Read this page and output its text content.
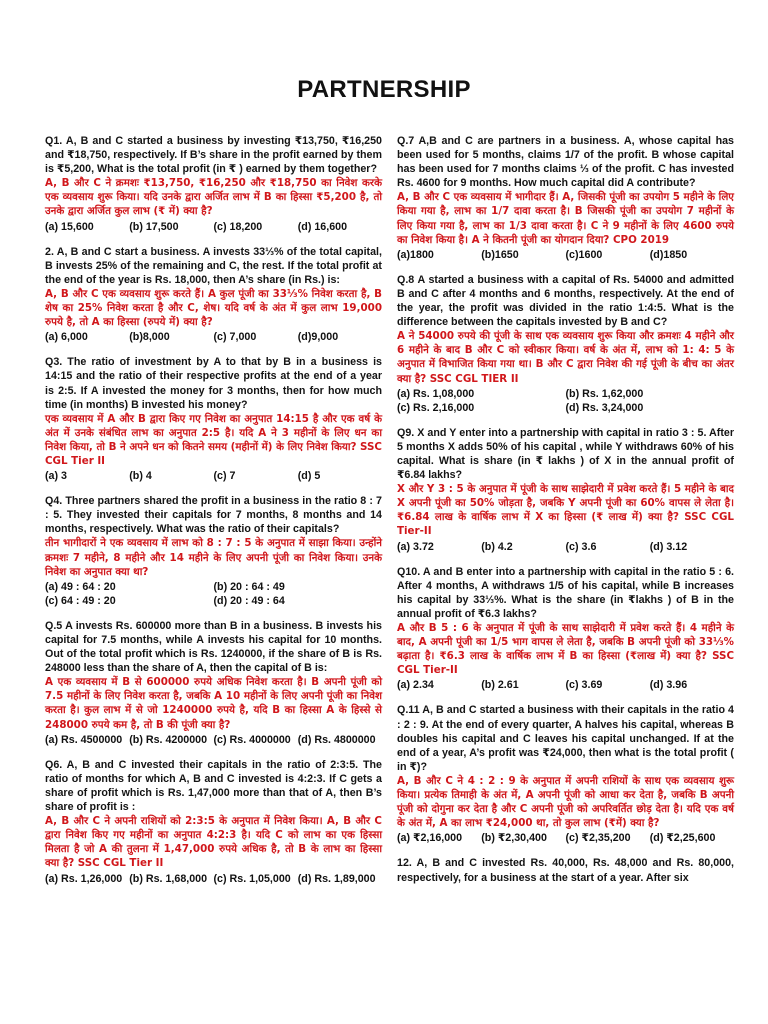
PARTNERSHIP
Q1. A, B and C started a business by investing ₹13,750, ₹16,250 and ₹18,750, respectively. If B’s share in the profit earned by them is ₹5,200, What is the total profit (in ₹ ) earned by them together?
A, B और C ने क्रमशः ₹13,750, ₹16,250 और ₹18,750 का निवेश करके एक व्यवसाय शुरू किया। यदि उनके द्वारा अर्जित लाभ में B का हिस्सा ₹5,200 है, तो उनके द्वारा अर्जित कुल लाभ (₹ में) क्या है?
(a) 15,600	(b) 17,500	(c) 18,200	(d) 16,600
2. A, B and C start a business. A invests 33⅓% of the total capital, B invests 25% of the remaining and C, the rest. If the total profit at the end of the year is Rs. 18,000, then A’s share (in Rs.) is:
A, B और C एक व्यवसाय शुरू करते हैं। A कुल पूंजी का 33⅓% निवेश करता है, B शेष का 25% निवेश करता है और C, शेष। यदि वर्ष के अंत में कुल लाभ 19,000 रुपये है, तो A का हिस्सा (रुपये में) क्या है?
(a) 6,000	(b)8,000	(c) 7,000	(d)9,000
Q3. The ratio of investment by A to that by B in a business is 14:15 and the ratio of their respective profits at the end of a year is 2:5. If A invested the money for 3 months, then for how much time (in months) B invested his money?
एक व्यवसाय में A और B द्वारा किए गए निवेश का अनुपात 14:15 है और एक वर्ष के अंत में उनके संबंधित लाभ का अनुपात 2:5 है। यदि A ने 3 महीनों के लिए धन का निवेश किया, तो B ने अपने धन को कितने समय (महीनों में) के लिए निवेश किया? SSC CGL Tier II
(a) 3	(b) 4	(c) 7	(d) 5
Q4. Three partners shared the profit in a business in the ratio 8 : 7 : 5. They invested their capitals for 7 months, 8 months and 14 months, respectively. What was the ratio of their capitals?
तीन भागीदारों ने एक व्यवसाय में लाभ को 8 : 7 : 5 के अनुपात में साझा किया। उन्होंने क्रमशः 7 महीने, 8 महीने और 14 महीने के लिए अपनी पूंजी का निवेश किया। उनके निवेश का अनुपात क्या था?
(a) 49 : 64 : 20	(b) 20 : 64 : 49
(c) 64 : 49 : 20	(d) 20 : 49 : 64
Q.5 A invests Rs. 600000 more than B in a business. B invests his capital for 7.5 months, while A invests his capital for 10 months. Out of the total profit which is Rs. 1240000, if the share of B is Rs. 248000 less than the share of A, then the capital of B is:
A एक व्यवसाय में B से 600000 रुपये अधिक निवेश करता है। B अपनी पूंजी को 7.5 महीनों के लिए निवेश करता है, जबकि A 10 महीनों के लिए अपनी पूंजी का निवेश करता है। कुल लाभ में से जो 1240000 रुपये है, यदि B का हिस्सा A के हिस्से से 248000 रुपये कम है, तो B की पूंजी क्या है?
(a) Rs. 4500000 (b) Rs. 4200000 (c) Rs. 4000000 (d) Rs. 4800000
Q6. A, B and C invested their capitals in the ratio of 2:3:5. The ratio of months for which A, B and C invested is 4:2:3. If C gets a share of profit which is Rs. 1,47,000 more than that of A, then B’s share of profit is :
A, B और C ने अपनी राशियों को 2:3:5 के अनुपात में निवेश किया। A, B और C द्वारा निवेश किए गए महीनों का अनुपात 4:2:3 है। यदि C को लाभ का एक हिस्सा मिलता है जो A की तुलना में 1,47,000 रुपये अधिक है, तो B के लाभ का हिस्सा क्या है? SSC CGL Tier II
(a) Rs. 1,26,000 (b) Rs. 1,68,000 (c) Rs. 1,05,000 (d) Rs. 1,89,000
Q.7 A,B and C are partners in a business. A, whose capital has been used for 5 months, claims 1/7 of the profit. B whose capital has been used for 7 months claims ⅓ of the profit. C has invested Rs. 4600 for 9 months. How much capital did A contribute?
A, B और C एक व्यवसाय में भागीदार हैं। A, जिसकी पूंजी का उपयोग 5 महीने के लिए किया गया है, लाभ का 1/7 दावा करता है। B जिसकी पूंजी का उपयोग 7 महीनों के लिए किया गया है, लाभ का 1/3 दावा करता है। C ने 9 महीनों के लिए 4600 रुपये का निवेश किया है। A ने कितनी पूंजी का योगदान दिया? CPO 2019
(a)1800	(b)1650	(c)1600	(d)1850
Q.8 A started a business with a capital of Rs. 54000 and admitted B and C after 4 months and 6 months, respectively. At the end of the year, the profit was divided in the ratio 1:4:5. What is the difference between the capitals invested by B and C?
A ने 54000 रुपये की पूंजी के साथ एक व्यवसाय शुरू किया और क्रमशः 4 महीने और 6 महीने के बाद B और C को स्वीकार किया। वर्ष के अंत में, लाभ को 1: 4: 5 के अनुपात में विभाजित किया गया था। B और C द्वारा निवेश की गई पूंजी के बीच का अंतर क्या है? SSC CGL TIER II
(a) Rs. 1,08,000	(b) Rs. 1,62,000
(c) Rs. 2,16,000	(d) Rs. 3,24,000
Q9. X and Y enter into a partnership with capital in ratio 3 : 5. After 5 months X adds 50% of his capital , while Y withdraws 60% of his capital. What is share (in ₹ lakhs ) of X in the annual profit of ₹6.84 lakhs?
X और Y 3 : 5 के अनुपात में पूंजी के साथ साझेदारी में प्रवेश करते हैं। 5 महीने के बाद X अपनी पूंजी का 50% जोड़ता है, जबकि Y अपनी पूंजी का 60% वापस ले लेता है। ₹6.84 लाख के वार्षिक लाभ में X का हिस्सा (₹ लाख में) क्या है? SSC CGL Tier-II
(a) 3.72	(b) 4.2	(c) 3.6	(d) 3.12
Q10. A and B enter into a partnership with capital in the ratio 5 : 6. After 4 months, A withdraws 1/5 of his capital, while B increases his capital by 33⅓%. What is the share (in ₹lakhs ) of B in the annual profit of ₹6.3 lakhs?
A और B 5 : 6 के अनुपात में पूंजी के साथ साझेदारी में प्रवेश करते हैं। 4 महीने के बाद, A अपनी पूंजी का 1/5 भाग वापस ले लेता है, जबकि B अपनी पूंजी को 33⅓% बढ़ाता है। ₹6.3 लाख के वार्षिक लाभ में B का हिस्सा (₹लाख में) क्या है? SSC CGL Tier-II
(a) 2.34	(b) 2.61	(c) 3.69	(d) 3.96
Q.11 A, B and C started a business with their capitals in the ratio 4 : 2 : 9. At the end of every quarter, A halves his capital, whereas B doubles his capital and C leaves his capital unchanged. If at the end of a year, A’s profit was ₹24,000, then what is the total profit ( in ₹)?
A, B और C ने 4 : 2 : 9 के अनुपात में अपनी राशियों के साथ एक व्यवसाय शुरू किया। प्रत्येक तिमाही के अंत में, A अपनी पूंजी को आधा कर देता है, जबकि B अपनी पूंजी को दोगुना कर देता है और C अपनी पूंजी को अपरिवर्तित छोड़ देता है। यदि एक वर्ष के अंत में, A का लाभ ₹24,000 था, तो कुल लाभ (₹में) क्या है?
(a) ₹2,16,000	(b) ₹2,30,400	(c) ₹2,35,200	(d) ₹2,25,600
12. A, B and C invested Rs. 40,000, Rs. 48,000 and Rs. 80,000, respectively, for a business at the start of a year. After six
